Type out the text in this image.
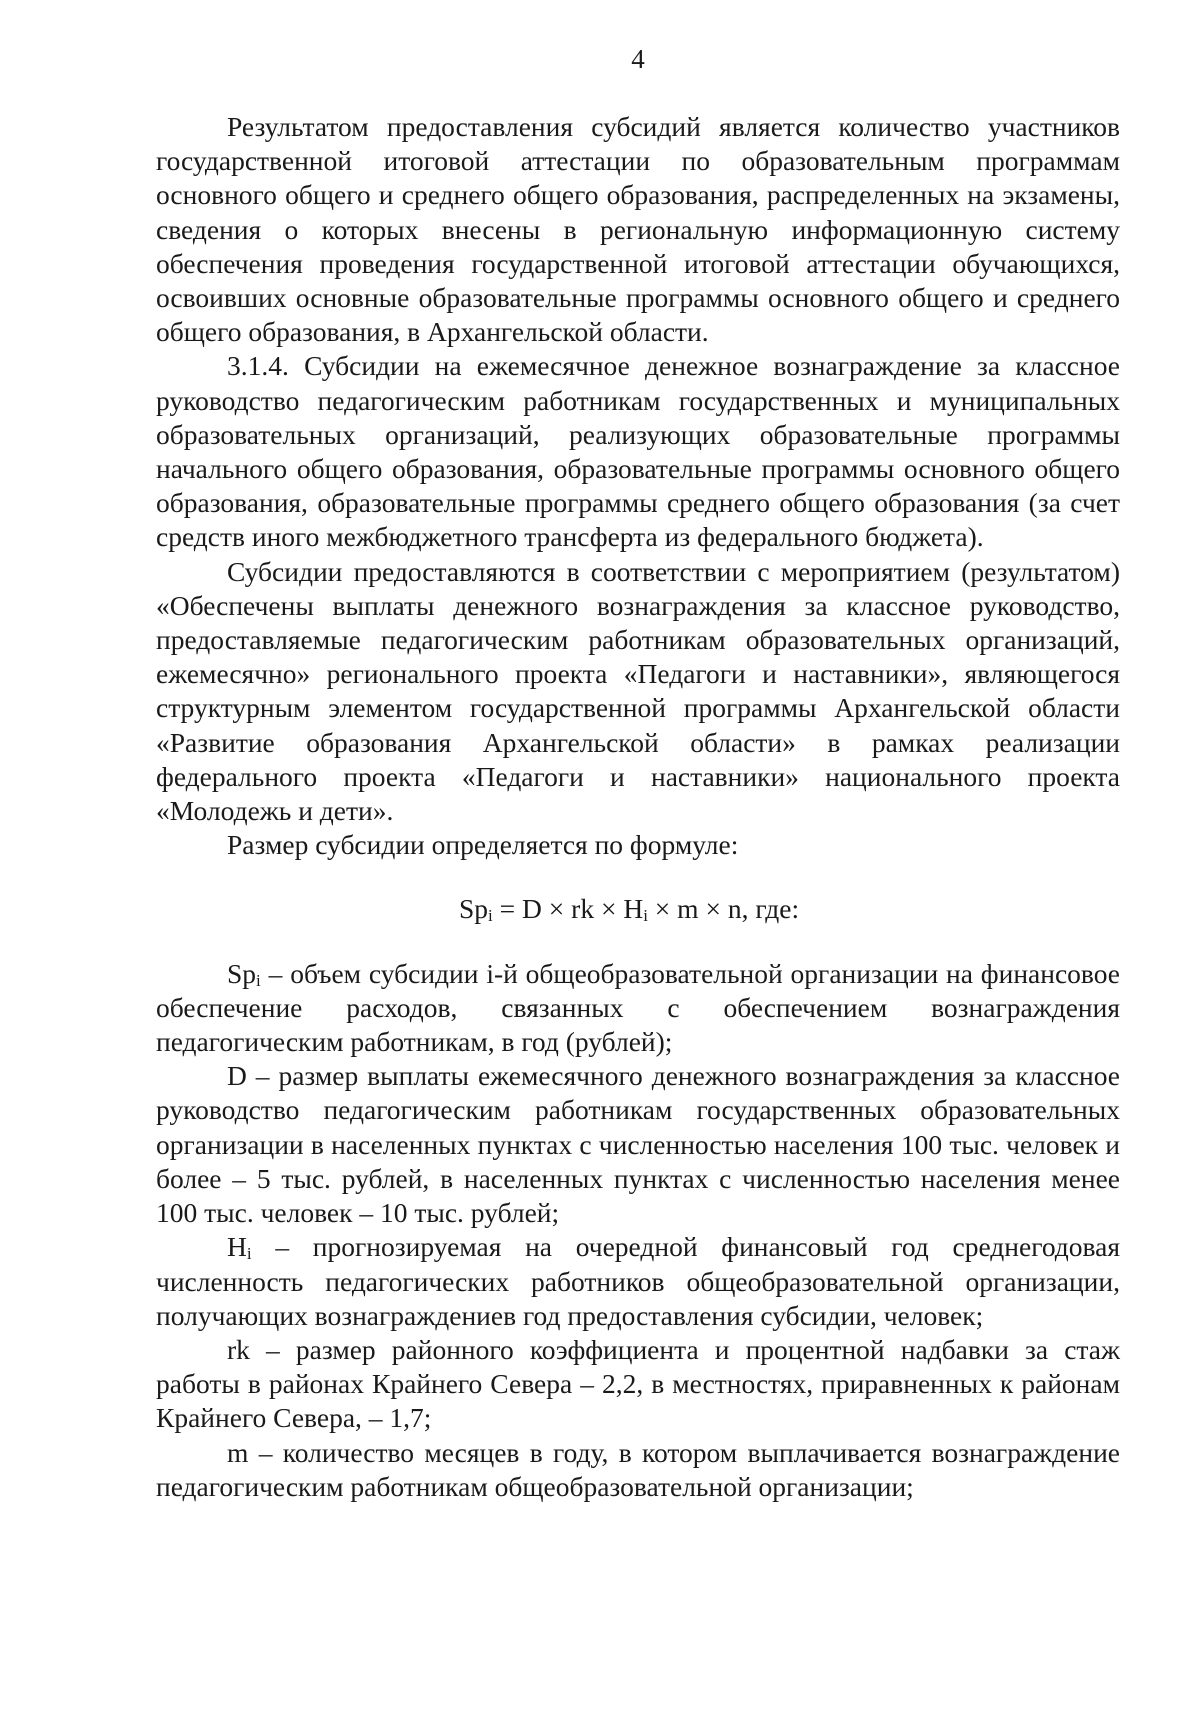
4

Результатом предоставления субсидий является количество участников государственной итоговой аттестации по образовательным программам основного общего и среднего общего образования, распределенных на экзамены, сведения о которых внесены в региональную информационную систему обеспечения проведения государственной итоговой аттестации обучающихся, освоивших основные образовательные программы основного общего и среднего общего образования, в Архангельской области.

3.1.4. Субсидии на ежемесячное денежное вознаграждение за классное руководство педагогическим работникам государственных и муниципальных образовательных организаций, реализующих образовательные программы начального общего образования, образовательные программы основного общего образования, образовательные программы среднего общего образования (за счет средств иного межбюджетного трансферта из федерального бюджета).

Субсидии предоставляются в соответствии с мероприятием (результатом) «Обеспечены выплаты денежного вознаграждения за классное руководство, предоставляемые педагогическим работникам образовательных организаций, ежемесячно» регионального проекта «Педагоги и наставники», являющегося структурным элементом государственной программы Архангельской области «Развитие образования Архангельской области» в рамках реализации федерального проекта «Педагоги и наставники» национального проекта «Молодежь и дети».

Размер субсидии определяется по формуле:

$Sp_i = D$ × rk × $H_i \times m \times n$, где:

$Sp_i$ – объем субсидии i-й общеобразовательной организации на финансовое обеспечение расходов, связанных с обеспечением вознаграждения педагогическим работникам, в год (рублей);

D – размер выплаты ежемесячного денежного вознаграждения за классное руководство педагогическим работникам государственных образовательных организации в населенных пунктах с численностью населения 100 тыс. человек и более – 5 тыс. рублей, в населенных пунктах с численностью населения менее 100 тыс. человек – 10 тыс. рублей;

$H_i$ – прогнозируемая на очередной финансовый год среднегодовая численность педагогических работников общеобразовательной организации, получающих вознаграждениев год предоставления субсидии, человек;

rk – размер районного коэффициента и процентной надбавки за стаж работы в районах Крайнего Севера – 2,2, в местностях, приравненных к районам Крайнего Севера, – 1,7;

m – количество месяцев в году, в котором выплачивается вознаграждение педагогическим работникам общеобразовательной организации;
